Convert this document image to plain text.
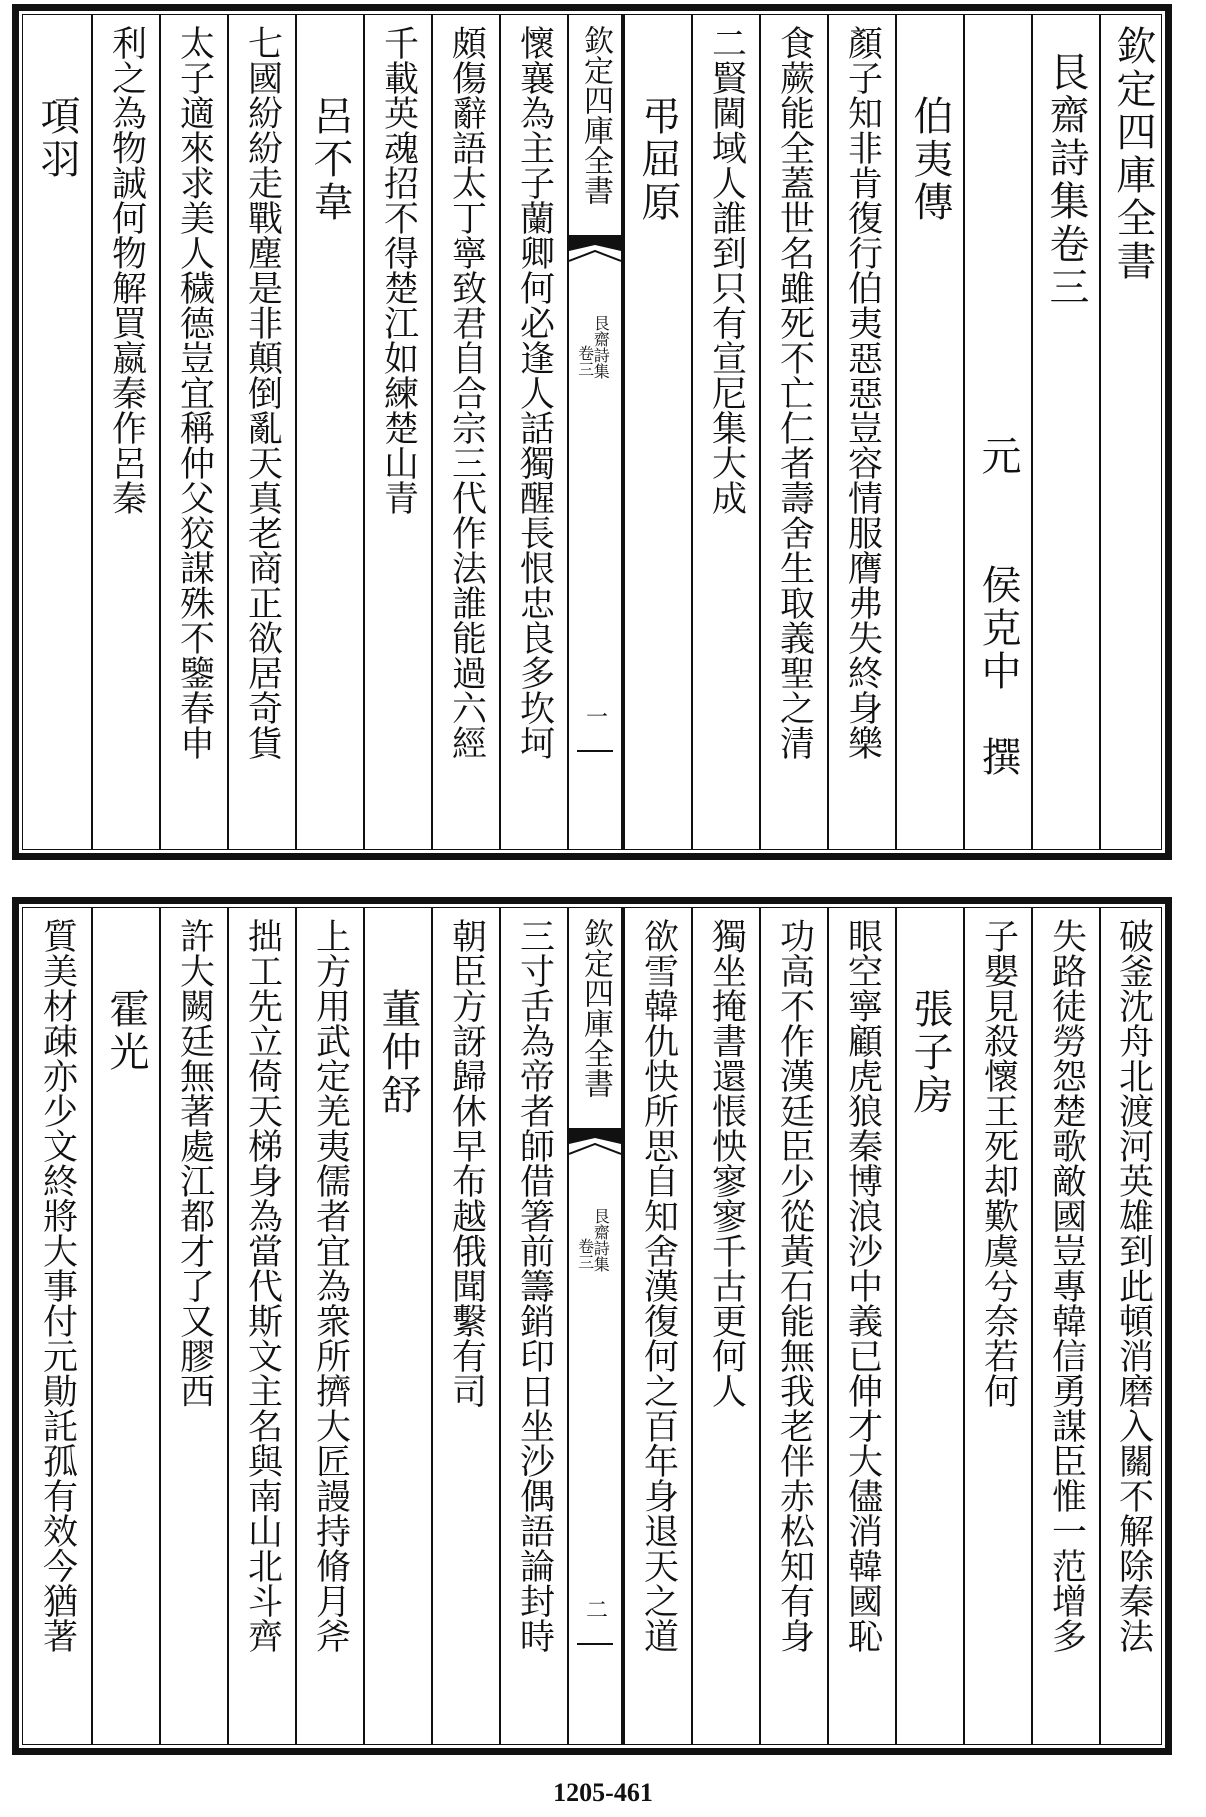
欽定四庫全書
艮齋詩集卷三
元　　侯克中　撰
伯夷傳
顏子知非肯復行伯夷惡惡豈容情服膺弗失終身樂
食蕨能全蓋世名雖死不亡仁者壽舍生取義聖之清
二賢閫域人誰到只有宣尼集大成
弔屈原
欽定四庫全書
艮齋詩集
卷三
一
懷襄為主子蘭卿何必逢人話獨醒長恨忠良多坎坷
頗傷辭語太丁寧致君自合宗三代作法誰能過六經
千載英魂招不得楚江如練楚山青
呂不韋
七國紛紛走戰塵是非顛倒亂天真老商正欲居奇貨
太子適來求美人穢德豈宜稱仲父狡謀殊不鑒春申
利之為物誠何物解買嬴秦作呂秦
項羽
破釜沈舟北渡河英雄到此頓消磨入關不解除秦法
失路徒勞怨楚歌敵國豈專韓信勇謀臣惟一范增多
子嬰見殺懷王死却歎虞兮奈若何
張子房
眼空寧顧虎狼秦博浪沙中義已伸才大儘消韓國恥
功高不作漢廷臣少從黃石能無我老伴赤松知有身
獨坐掩書還悵怏寥寥千古更何人
欲雪韓仇快所思自知舍漢復何之百年身退天之道
欽定四庫全書
艮齋詩集
卷三
二
三寸舌為帝者師借箸前籌銷印日坐沙偶語論封時
朝臣方訝歸休早布越俄聞繫有司
董仲舒
上方用武定羌夷儒者宜為衆所擠大匠謾持脩月斧
拙工先立倚天梯身為當代斯文主名與南山北斗齊
許大闕廷無著處江都才了又膠西
霍光
質美材疎亦少文終將大事付元勛託孤有效今猶著
1205-461
